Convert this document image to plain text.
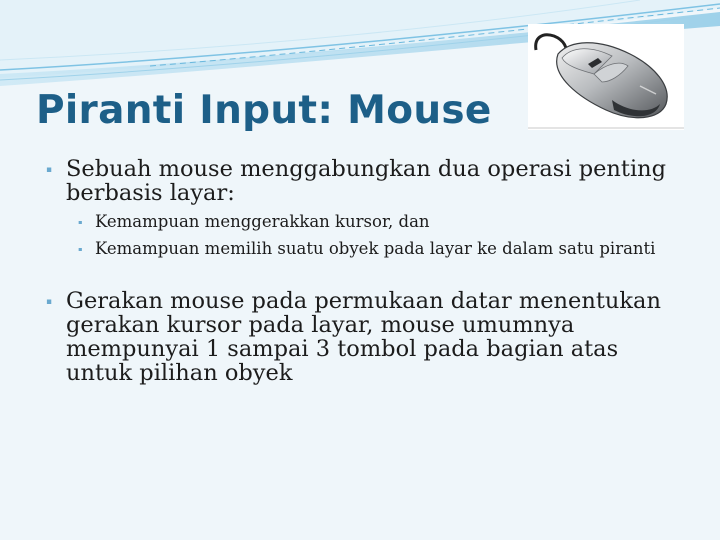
Piranti Input: Mouse
⬝ Sebuah mouse menggabungkan dua operasi penting berbasis layar:
⬝ Kemampuan menggerakkan kursor, dan
⬝ Kemampuan memilih suatu obyek pada layar ke dalam satu piranti
⬝ Gerakan mouse pada permukaan datar menentukan gerakan kursor pada layar, mouse umumnya mempunyai 1 sampai 3 tombol pada bagian atas untuk pilihan obyek
